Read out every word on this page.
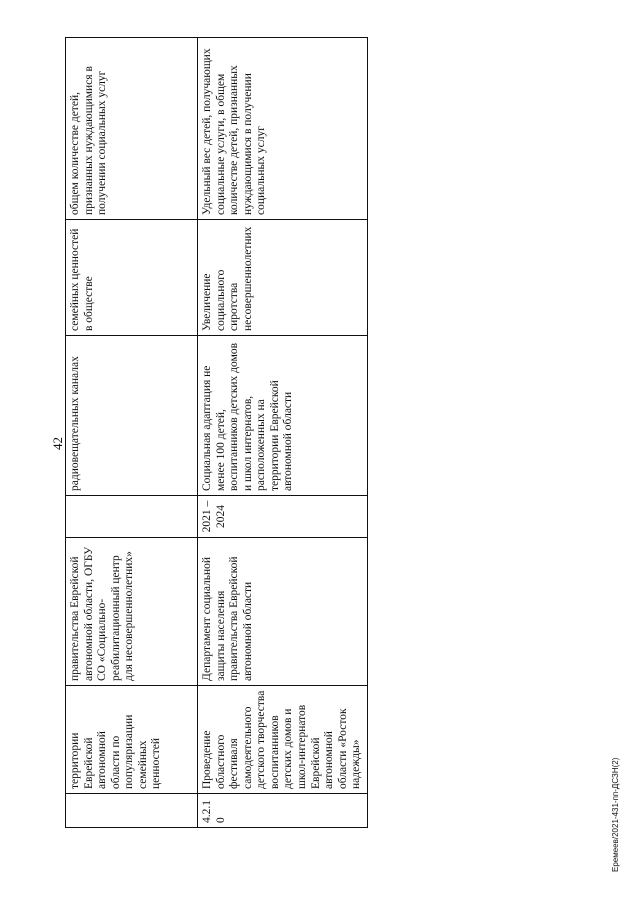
42
Еремеев/2021-431-пп-ДСЗН(2)
	территории Еврейской автономной области по популяризации семейных ценностей	правительства Еврейской автономной области, ОГБУ СО «Социально-реабилитационный центр для несовершеннолетних»		радиовещательных каналах	семейных ценностей в обществе	общем количестве детей, признанных нуждающимися в получении социальных услуг
4.2.10	Проведение областного фестиваля самодеятельного детского творчества воспитанников детских домов и школ-интернатов Еврейской автономной области «Росток надежды»	Департамент социальной защиты населения правительства Еврейской автономной области	2021 – 2024	Социальная адаптация не менее 100 детей, воспитанников детских домов и школ интернатов, расположенных на территории Еврейской автономной области	Увеличение социального сиротства несовершеннолетних	Удельный вес детей, получающих социальные услуги, в общем количестве детей, признанных нуждающимися в получении социальных услуг
